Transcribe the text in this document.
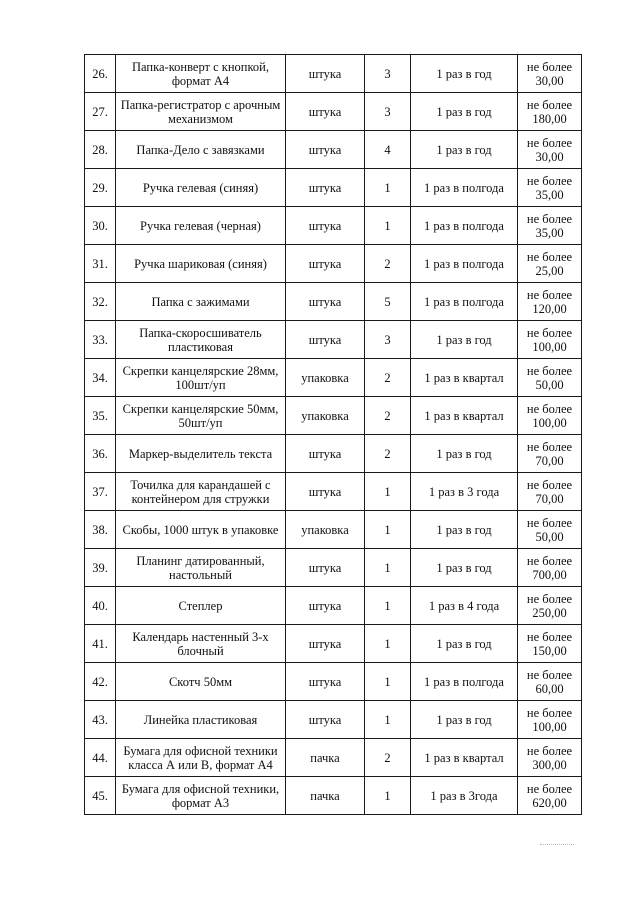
26.	Папка-конверт с кнопкой, формат А4	штука	3	1 раз в год	не более 30,00
27.	Папка-регистратор с арочным механизмом	штука	3	1 раз в год	не более 180,00
28.	Папка-Дело с завязками	штука	4	1 раз в год	не более 30,00
29.	Ручка гелевая (синяя)	штука	1	1 раз в полгода	не более 35,00
30.	Ручка гелевая (черная)	штука	1	1 раз в полгода	не более 35,00
31.	Ручка шариковая (синяя)	штука	2	1 раз в полгода	не более 25,00
32.	Папка с зажимами	штука	5	1 раз в полгода	не более 120,00
33.	Папка-скоросшиватель пластиковая	штука	3	1 раз в год	не более 100,00
34.	Скрепки канцелярские 28мм, 100шт/уп	упаковка	2	1 раз в квартал	не более 50,00
35.	Скрепки канцелярские 50мм, 50шт/уп	упаковка	2	1 раз в квартал	не более 100,00
36.	Маркер-выделитель текста	штука	2	1 раз в год	не более 70,00
37.	Точилка для карандашей с контейнером для стружки	штука	1	1 раз в 3 года	не более 70,00
38.	Скобы, 1000 штук в упаковке	упаковка	1	1 раз в год	не более 50,00
39.	Планинг датированный, настольный	штука	1	1 раз в год	не более 700,00
40.	Степлер	штука	1	1 раз в 4 года	не более 250,00
41.	Календарь настенный 3-х блочный	штука	1	1 раз в год	не более 150,00
42.	Скотч 50мм	штука	1	1 раз в полгода	не более 60,00
43.	Линейка пластиковая	штука	1	1 раз в год	не более 100,00
44.	Бумага для офисной техники класса А или В, формат А4	пачка	2	1 раз в квартал	не более 300,00
45.	Бумага для офисной техники, формат А3	пачка	1	1 раз в 3года	не более 620,00
